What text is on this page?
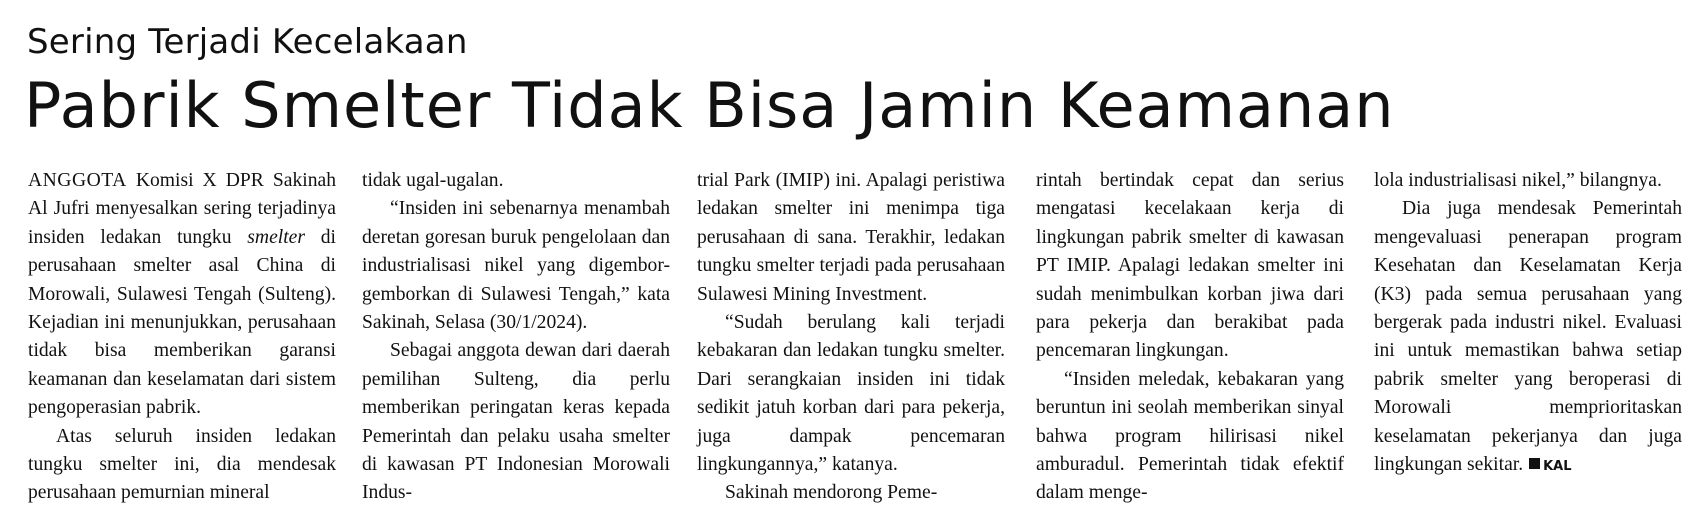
Sering Terjadi Kecelakaan
Pabrik Smelter Tidak Bisa Jamin Keamanan

ANGGOTA Komisi X DPR Sakinah Al Jufri menyesalkan sering terjadinya insiden ledakan tungku smelter di perusahaan smelter asal China di Morowali, Sulawesi Tengah (Sulteng). Kejadian ini menunjukkan, perusahaan tidak bisa memberikan garansi keamanan dan keselamatan dari sistem pengoperasian pabrik.

Atas seluruh insiden ledakan tungku smelter ini, dia mendesak perusahaan pemurnian mineral

tidak ugal-ugalan.

“Insiden ini sebenarnya menambah deretan goresan buruk pengelolaan dan industrialisasi nikel yang digembor-gemborkan di Sulawesi Tengah,” kata Sakinah, Selasa (30/1/2024).

Sebagai anggota dewan dari daerah pemilihan Sulteng, dia perlu memberikan peringatan keras kepada Pemerintah dan pelaku usaha smelter di kawasan PT Indonesian Morowali Indus-

trial Park (IMIP) ini. Apalagi peristiwa ledakan smelter ini menimpa tiga perusahaan di sana. Terakhir, ledakan tungku smelter terjadi pada perusahaan Sulawesi Mining Investment.

“Sudah berulang kali terjadi kebakaran dan ledakan tungku smelter. Dari serangkaian insiden ini tidak sedikit jatuh korban dari para pekerja, juga dampak pencemaran lingkungannya,” katanya.

Sakinah mendorong Peme-

rintah bertindak cepat dan serius mengatasi kecelakaan kerja di lingkungan pabrik smelter di kawasan PT IMIP. Apalagi ledakan smelter ini sudah menimbulkan korban jiwa dari para pekerja dan berakibat pada pencemaran lingkungan.

“Insiden meledak, kebakaran yang beruntun ini seolah memberikan sinyal bahwa program hilirisasi nikel amburadul. Pemerintah tidak efektif dalam menge-

lola industrialisasi nikel,” bilangnya.

Dia juga mendesak Pemerintah mengevaluasi penerapan program Kesehatan dan Keselamatan Kerja (K3) pada semua perusahaan yang bergerak pada industri nikel. Evaluasi ini untuk memastikan bahwa setiap pabrik smelter yang beroperasi di Morowali memprioritaskan keselamatan pekerjanya dan juga lingkungan sekitar. KAL
